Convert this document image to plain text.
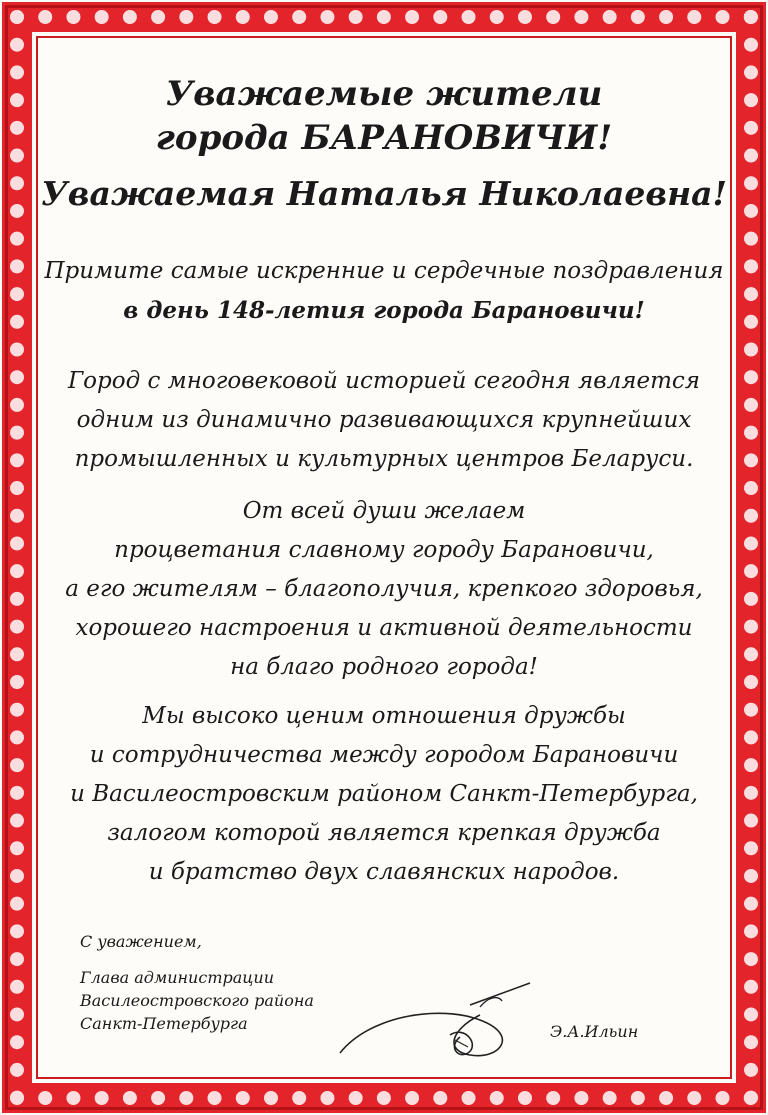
Уважаемые жители
города БАРАНОВИЧИ!
Уважаемая Наталья Николаевна!
Примите самые искренние и сердечные поздравления
в день 148-летия города Барановичи!
Город с многовековой историей сегодня является
одним из динамично развивающихся крупнейших
промышленных и культурных центров Беларуси.
От всей души желаем
процветания славному городу Барановичи,
а его жителям – благополучия, крепкого здоровья,
хорошего настроения и активной деятельности
на благо родного города!
Мы высоко ценим отношения дружбы
и сотрудничества между городом Барановичи
и Василеостровским районом Санкт-Петербурга,
залогом которой является крепкая дружба
и братство двух славянских народов.
С уважением,
Глава администрации
Василеостровского района
Санкт-Петербурга	Э.А.Ильин
